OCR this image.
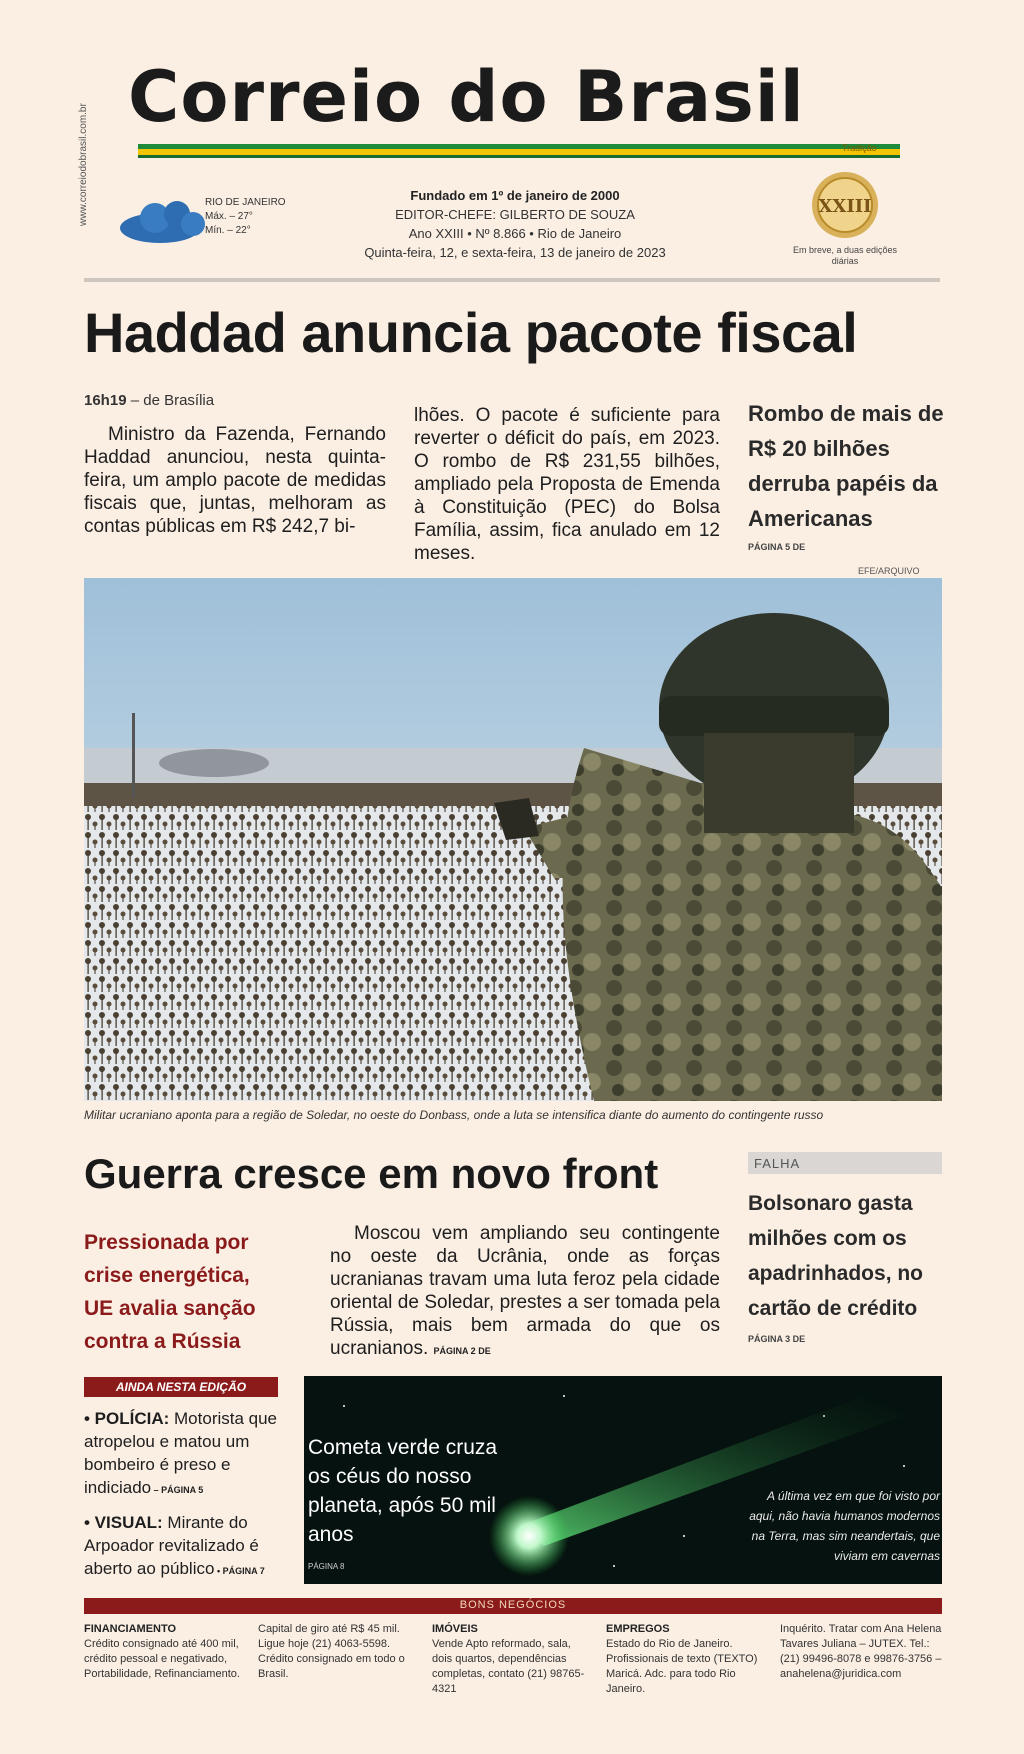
www.correiodobrasil.com.br
Correio do Brasil
Tradição
RIO DE JANEIRO
Máx. – 27°
Mín. – 22°
Fundado em 1º de janeiro de 2000
EDITOR-CHEFE: GILBERTO DE SOUZA
Ano XXIII • Nº 8.866 • Rio de Janeiro
Quinta-feira, 12, e sexta-feira, 13 de janeiro de 2023
XXIII
Em breve, a duas edições diárias
Haddad anuncia pacote fiscal
16h19 – de Brasília
Ministro da Fazenda, Fernando Haddad anunciou, nesta quinta-feira, um amplo pacote de medidas fiscais que, juntas, melhoram as contas públicas em R$ 242,7 bi-
lhões. O pacote é suficiente para reverter o déficit do país, em 2023. O rombo de R$ 231,55 bilhões, ampliado pela Proposta de Emenda à Constituição (PEC) do Bolsa Família, assim, fica anulado em 12 meses.
Rombo de mais de R$ 20 bilhões derruba papéis da Americanas
PÁGINA 5 DE
EFE/ARQUIVO
Militar ucraniano aponta para a região de Soledar, no oeste do Donbass, onde a luta se intensifica diante do aumento do contingente russo
Guerra cresce em novo front	FALHA
Bolsonaro gasta milhões com os apadrinhados, no cartão de crédito
PÁGINA 3 DE
Pressionada por crise energética, UE avalia sanção contra a Rússia
Moscou vem ampliando seu contingente no oeste da Ucrânia, onde as forças ucranianas travam uma luta feroz pela cidade oriental de Soledar, prestes a ser tomada pela Rússia, mais bem armada do que os ucranianos. PÁGINA 2 DE
AINDA NESTA EDIÇÃO
• POLÍCIA: Motorista que atropelou e matou um bombeiro é preso e indiciado – PÁGINA 5
• VISUAL: Mirante do Arpoador revitalizado é aberto ao público • PÁGINA 7
Cometa verde cruza os céus do nosso planeta, após 50 mil anos
PÁGINA 8
A última vez em que foi visto por aqui, não havia humanos modernos na Terra, mas sim neandertais, que viviam em cavernas
BONS NEGÓCIOS
FINANCIAMENTO
Crédito consignado até 400 mil, crédito pessoal e negativado, Portabilidade, Refinanciamento.
Capital de giro até R$ 45 mil. Ligue hoje (21) 4063-5598. Crédito consignado em todo o Brasil.
IMÓVEIS
Vende Apto reformado, sala, dois quartos, dependências completas, contato (21) 98765-4321
EMPREGOS
Estado do Rio de Janeiro. Profissionais de texto (TEXTO) Maricá. Adc. para todo Rio Janeiro.
Inquérito. Tratar com Ana Helena Tavares Juliana – JUTEX. Tel.: (21) 99496-8078 e 99876-3756 – anahelena@juridica.com
